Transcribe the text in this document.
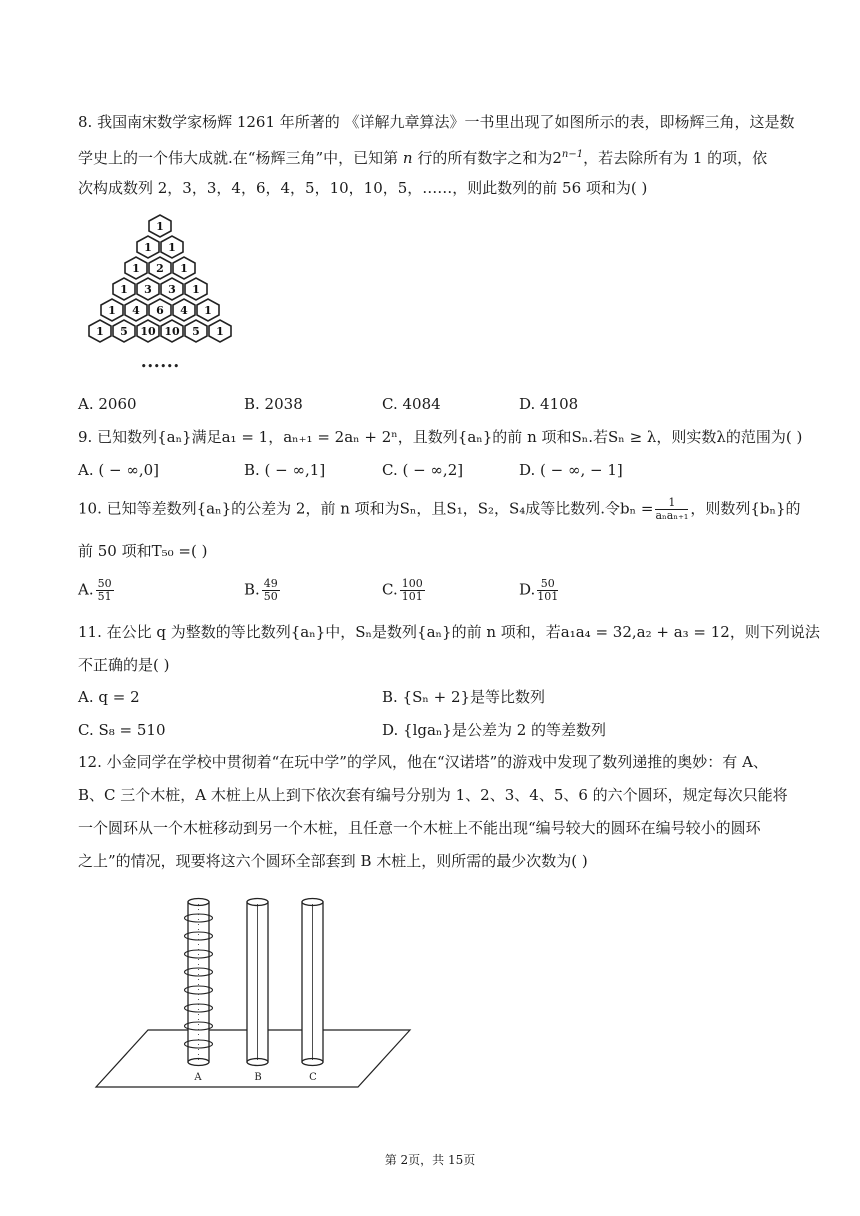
8. 我国南宋数学家杨辉 1261 年所著的 《详解九章算法》一书里出现了如图所示的表，即杨辉三角，这是数
学史上的一个伟大成就.在“杨辉三角”中，已知第 n 行的所有数字之和为$2^{n-1}$，若去除所有为 1 的项，依
次构成数列 2，3，3，4，6，4，5，10，10，5，……，则此数列的前 56 项和为( )
1
1 1
1 2 1
1 3 3 1
1 4 6 4 1
1 5 10 10 5 1
••••••
A. 2060	B. 2038	C. 4084	D. 4108
9. 已知数列{aₙ}满足a₁ = 1，aₙ₊₁ = 2aₙ + 2ⁿ，且数列{aₙ}的前 n 项和Sₙ.若Sₙ ≥ λ，则实数λ的范围为( )
A. ( − ∞,0]	B. ( − ∞,1]	C. ( − ∞,2]	D. ( − ∞, − 1]
10. 已知等差数列{aₙ}的公差为 2，前 n 项和为Sₙ，且S₁，S₂，S₄成等比数列.令$b_n = \frac{1}{\text{aₙaₙ₊₁}}$ ，则数列{bₙ}的
前 50 项和T₅₀ =( )
A. $\frac{50}{51}$	B. $\frac{49}{50}$	C. $\frac{100}{101}$	D. $\frac{50}{101}$
11. 在公比 q 为整数的等比数列{aₙ}中，Sₙ是数列{aₙ}的前 n 项和，若a₁a₄ = 32,a₂ + a₃ = 12，则下列说法
不正确的是( )
A. q = 2	B. {Sₙ + 2}是等比数列
C. S₈ = 510	D. {lgaₙ}是公差为 2 的等差数列
12. 小金同学在学校中贯彻着“在玩中学”的学风，他在“汉诺塔”的游戏中发现了数列递推的奥妙：有 A、
B、C 三个木桩，A 木桩上从上到下依次套有编号分别为 1、2、3、4、5、6 的六个圆环，规定每次只能将
一个圆环从一个木桩移动到另一个木桩，且任意一个木桩上不能出现“编号较大的圆环在编号较小的圆环
之上”的情况，现要将这六个圆环全部套到 B 木桩上，则所需的最少次数为( )
A	B	C
第 2页，共 15页
